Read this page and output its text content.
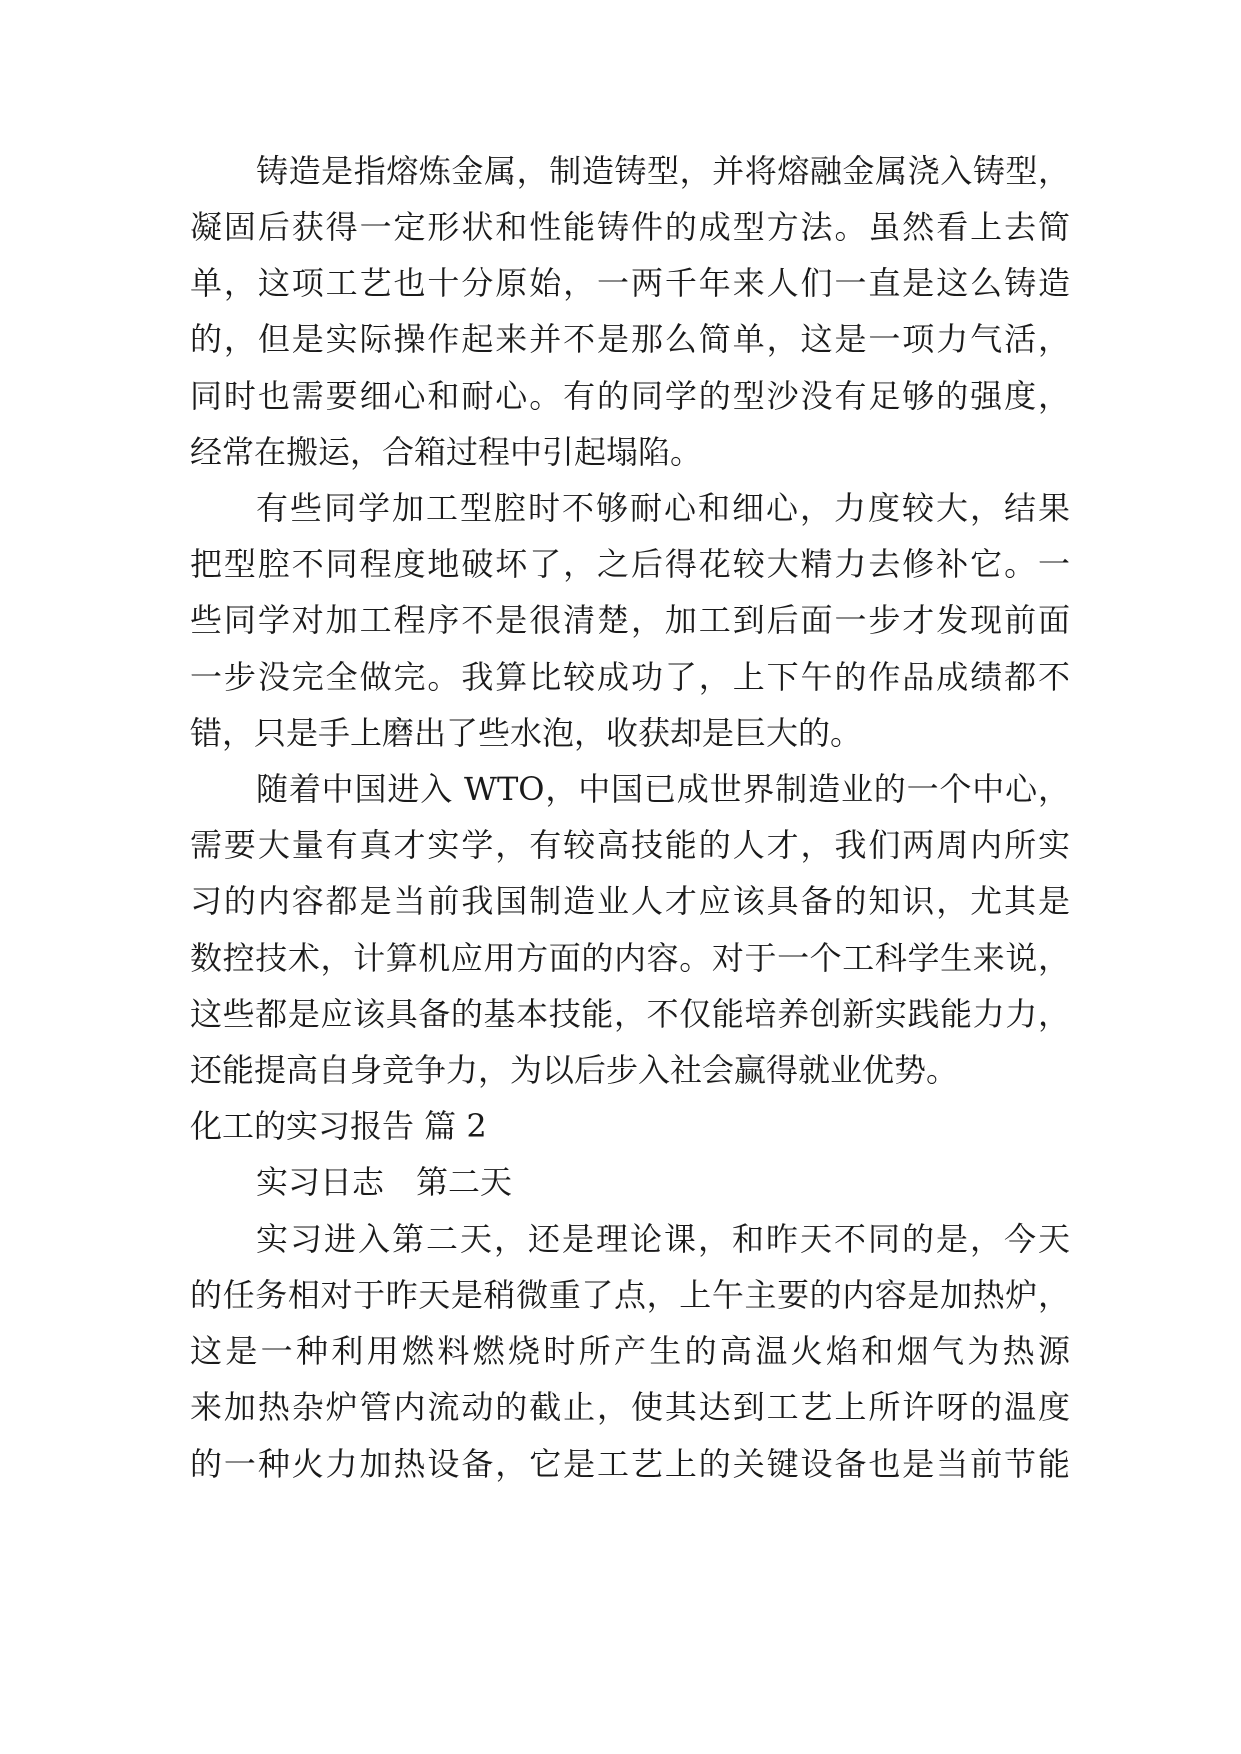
铸造是指熔炼金属，制造铸型，并将熔融金属浇入铸型，
凝固后获得一定形状和性能铸件的成型方法。虽然看上去简
单，这项工艺也十分原始，一两千年来人们一直是这么铸造
的，但是实际操作起来并不是那么简单，这是一项力气活，
同时也需要细心和耐心。有的同学的型沙没有足够的强度，
经常在搬运，合箱过程中引起塌陷。
有些同学加工型腔时不够耐心和细心，力度较大，结果
把型腔不同程度地破坏了，之后得花较大精力去修补它。一
些同学对加工程序不是很清楚，加工到后面一步才发现前面
一步没完全做完。我算比较成功了，上下午的作品成绩都不
错，只是手上磨出了些水泡，收获却是巨大的。
随着中国进入 WTO，中国已成世界制造业的一个中心，
需要大量有真才实学，有较高技能的人才，我们两周内所实
习的内容都是当前我国制造业人才应该具备的知识，尤其是
数控技术，计算机应用方面的内容。对于一个工科学生来说，
这些都是应该具备的基本技能，不仅能培养创新实践能力力，
还能提高自身竞争力，为以后步入社会赢得就业优势。
化工的实习报告 篇 2
实习日志　第二天
实习进入第二天，还是理论课，和昨天不同的是，今天
的任务相对于昨天是稍微重了点，上午主要的内容是加热炉，
这是一种利用燃料燃烧时所产生的高温火焰和烟气为热源
来加热杂炉管内流动的截止，使其达到工艺上所许呀的温度
的一种火力加热设备，它是工艺上的关键设备也是当前节能
